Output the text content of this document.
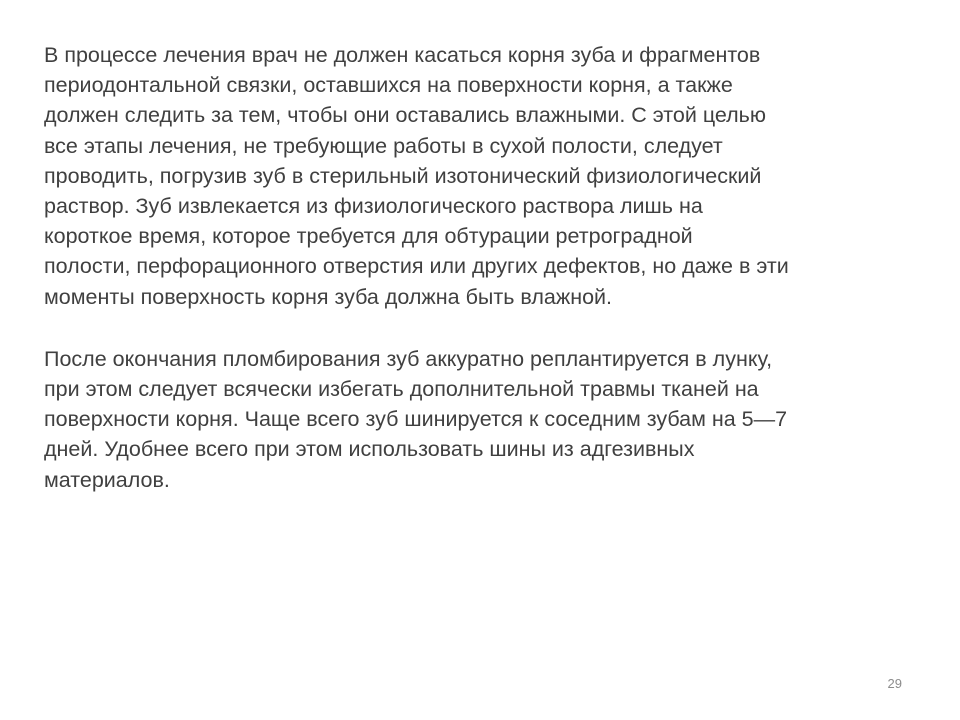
В процессе лечения врач не должен касаться корня зуба и фрагментов
периодонтальной связки, оставшихся на поверхности корня, а также
должен следить за тем, чтобы они оставались влажными. С этой целью
все этапы лечения, не требующие работы в сухой полости, следует
проводить, погрузив зуб в стерильный изотонический физиологический
раствор. Зуб извлекается из физиологического раствора лишь на
короткое время, которое требуется для обтурации ретроградной
полости, перфорационного отверстия или других дефектов, но даже в эти
моменты поверхность корня зуба должна быть влажной.

После окончания пломбирования зуб аккуратно реплантируется в лунку,
при этом следует всячески избегать дополнительной травмы тканей на
поверхности корня. Чаще всего зуб шинируется к соседним зубам на 5—7
дней. Удобнее всего при этом использовать шины из адгезивных
материалов.

29
